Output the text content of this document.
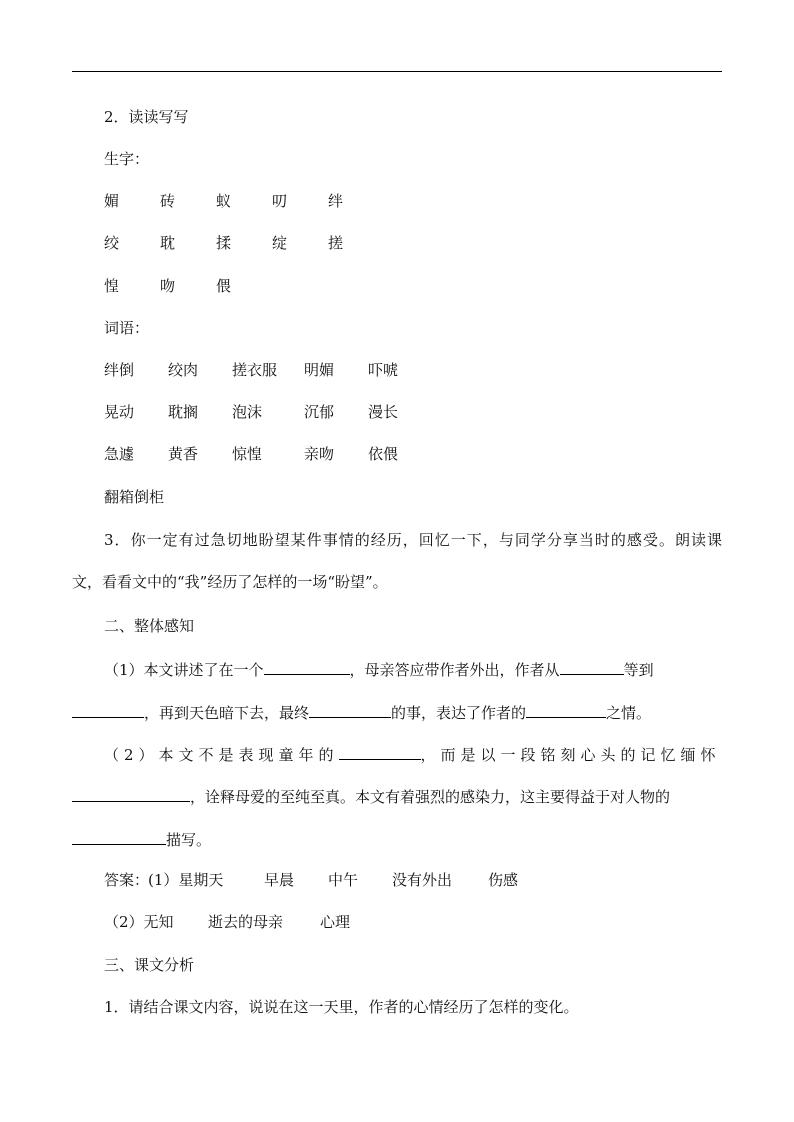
2．读读写写
生字：
媚	砖	蚁	叨	绊
绞	耽	揉	绽	搓
惶	吻	偎
词语：
绊倒 绞肉 搓衣服 明媚 吓唬
晃动 耽搁 泡沫	沉郁 漫长
急遽 黄香 惊惶	亲吻 依偎
翻箱倒柜
3．你一定有过急切地盼望某件事情的经历，回忆一下，与同学分享当时的感受。朗读课
文，看看文中的“我”经历了怎样的一场“盼望”。
二、整体感知
（1）本文讲述了在一个	，母亲答应带作者外出，作者从	等到
，再到天色暗下去，最终	的事，表达了作者的	之情。
（2）本文不是表现童年的	，而是以一段铭刻心头的记忆缅怀
，诠释母爱的至纯至真。本文有着强烈的感染力，这主要得益于对人物的
描写。
答案：
(1）星期天	早晨 中午 没有外出 伤感
（2）无知 逝去的母亲 心理
三、课文分析
1．请结合课文内容，说说在这一天里，作者的心情经历了怎样的变化。
